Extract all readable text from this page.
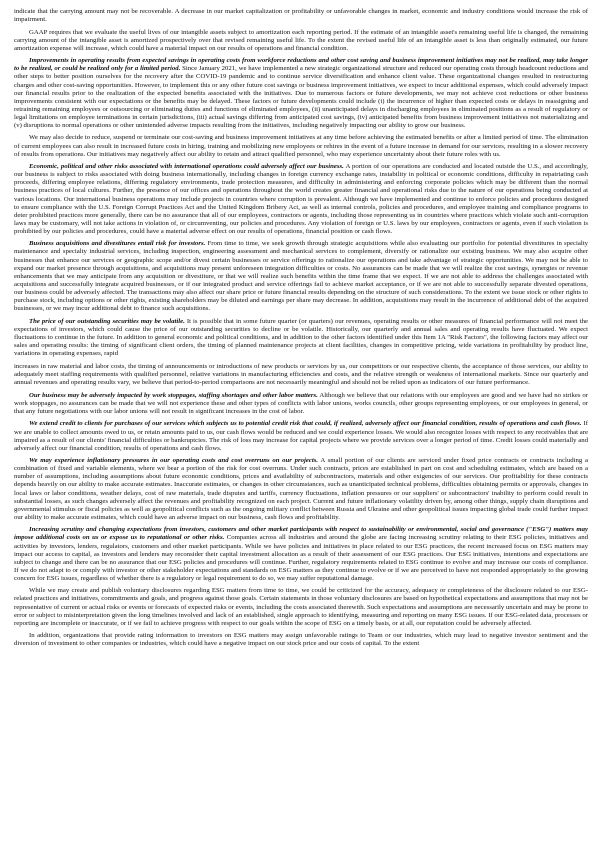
indicate that the carrying amount may not be recoverable. A decrease in our market capitalization or profitability or unfavorable changes in market, economic and industry conditions would increase the risk of impairment.

GAAP requires that we evaluate the useful lives of our intangible assets subject to amortization each reporting period. If the estimate of an intangible asset's remaining useful life is changed, the remaining carrying amount of the intangible asset is amortized prospectively over that revised remaining useful life. To the extent the revised useful life of an intangible asset is less than originally estimated, our future amortization expense will increase, which could have a material impact on our results of operations and financial condition.

Improvements in operating results from expected savings in operating costs from workforce reductions and other cost saving and business improvement initiatives may not be realized, may take longer to be realized, or could be realized only for a limited period. Since January 2021, we have implemented a new strategic organizational structure and reduced our operating costs through headcount reductions and other steps to better position ourselves for the recovery after the COVID-19 pandemic and to continue service diversification and enhance client value. These organizational changes resulted in restructuring charges and other cost-saving opportunities. However, to implement this or any other future cost savings or business improvement initiatives, we expect to incur additional expenses, which could adversely impact our financial results prior to the realization of the expected benefits associated with the initiatives. Due to numerous factors or future developments, we may not achieve cost reductions or other business improvements consistent with our expectations or the benefits may be delayed. These factors or future developments could include (i) the incurrence of higher than expected costs or delays in reassigning and retraining remaining employees or outsourcing or eliminating duties and functions of eliminated employees, (ii) unanticipated delays in discharging employees in eliminated positions as a result of regulatory or legal limitations on employee terminations in certain jurisdictions, (iii) actual savings differing from anticipated cost savings, (iv) anticipated benefits from business improvement initiatives not materializing and (v) disruptions to normal operations or other unintended adverse impacts resulting from the initiatives, including negatively impacting our ability to grow our business.

We may also decide to reduce, suspend or terminate our cost-saving and business improvement initiatives at any time before achieving the estimated benefits or after a limited period of time. The elimination of current employees can also result in increased future costs in hiring, training and mobilizing new employees or rehires in the event of a future increase in demand for our services, resulting in a slower recovery of results from operations. Our initiatives may negatively affect our ability to retain and attract qualified personnel, who may experience uncertainty about their future roles with us.

Economic, political and other risks associated with international operations could adversely affect our business. A portion of our operations are conducted and located outside the U.S., and accordingly, our business is subject to risks associated with doing business internationally, including changes in foreign currency exchange rates, instability in political or economic conditions, difficulty in repatriating cash proceeds, differing employee relations, differing regulatory environments, trade protection measures, and difficulty in administering and enforcing corporate policies which may be different than the normal business practices of local cultures. Further, the presence of our offices and operations throughout the world creates greater financial and operational risks due to the nature of our operations being conducted at various locations. Our international business operations may include projects in countries where corruption is prevalent. Although we have implemented and continue to enforce policies and procedures designed to ensure compliance with the U.S. Foreign Corrupt Practices Act and the United Kingdom Bribery Act, as well as internal controls, policies and procedures, and employee training and compliance programs to deter prohibited practices more generally, there can be no assurance that all of our employees, contractors or agents, including those representing us in countries where practices which violate such anti-corruption laws may be customary, will not take actions in violation of, or circumventing, our policies and procedures. Any violation of foreign or U.S. laws by our employees, contractors or agents, even if such violation is prohibited by our policies and procedures, could have a material adverse effect on our results of operations, financial position or cash flows.

Business acquisitions and divestitures entail risk for investors. From time to time, we seek growth through strategic acquisitions while also evaluating our portfolio for potential divestitures in specialty maintenance and specialty industrial services, including inspection, engineering assessment and mechanical services to complement, diversify or rationalize our existing business. We may also acquire other businesses that enhance our services or geographic scope and/or divest certain businesses or service offerings to rationalize our operations and take advantage of strategic opportunities. We may not be able to expand our market presence through acquisitions, and acquisitions may present unforeseen integration difficulties or costs. No assurances can be made that we will realize the cost savings, synergies or revenue enhancements that we may anticipate from any acquisition or divestiture, or that we will realize such benefits within the time frame that we expect. If we are not able to address the challenges associated with acquisitions and successfully integrate acquired businesses, or if our integrated product and service offerings fail to achieve market acceptance, or if we are not able to successfully separate divested operations, our business could be adversely affected. The transactions may also affect our share price or future financial results depending on the structure of such considerations. To the extent we issue stock or other rights to purchase stock, including options or other rights, existing shareholders may be diluted and earnings per share may decrease. In addition, acquisitions may result in the incurrence of additional debt of the acquired businesses, or we may incur additional debt to finance such acquisitions.

The price of our outstanding securities may be volatile. It is possible that in some future quarter (or quarters) our revenues, operating results or other measures of financial performance will not meet the expectations of investors, which could cause the price of our outstanding securities to decline or be volatile. Historically, our quarterly and annual sales and operating results have fluctuated. We expect fluctuations to continue in the future. In addition to general economic and political conditions, and in addition to the other factors identified under this Item 1A "Risk Factors", the following factors may affect our sales and operating results: the timing of significant client orders, the timing of planned maintenance projects at client facilities, changes in competitive pricing, wide variations in profitability by product line, variations in operating expenses, rapid

increases in raw material and labor costs, the timing of announcements or introductions of new products or services by us, our competitors or our respective clients, the acceptance of those services, our ability to adequately meet staffing requirements with qualified personnel, relative variations in manufacturing efficiencies and costs, and the relative strength or weakness of international markets. Since our quarterly and annual revenues and operating results vary, we believe that period-to-period comparisons are not necessarily meaningful and should not be relied upon as indicators of our future performance.

Our business may be adversely impacted by work stoppages, staffing shortages and other labor matters. Although we believe that our relations with our employees are good and we have had no strikes or work stoppages, no assurances can be made that we will not experience these and other types of conflicts with labor unions, works councils, other groups representing employees, or our employees in general, or that any future negotiations with our labor unions will not result in significant increases in the cost of labor.

We extend credit to clients for purchases of our services which subjects us to potential credit risk that could, if realized, adversely affect our financial condition, results of operations and cash flows. If we are unable to collect amounts owed to us, or retain amounts paid to us, our cash flows would be reduced and we could experience losses. We would also recognize losses with respect to any receivables that are impaired as a result of our clients' financial difficulties or bankruptcies. The risk of loss may increase for capital projects where we provide services over a longer period of time. Credit losses could materially and adversely affect our financial condition, results of operations and cash flows.

We may experience inflationary pressures in our operating costs and cost overruns on our projects. A small portion of our clients are serviced under fixed price contracts or contracts including a combination of fixed and variable elements, where we bear a portion of the risk for cost overruns. Under such contracts, prices are established in part on cost and scheduling estimates, which are based on a number of assumptions, including assumptions about future economic conditions, prices and availability of subcontractors, materials and other exigencies of our services. Our profitability for these contracts depends heavily on our ability to make accurate estimates. Inaccurate estimates, or changes in other circumstances, such as unanticipated technical problems, difficulties obtaining permits or approvals, changes in local laws or labor conditions, weather delays, cost of raw materials, trade disputes and tariffs, currency fluctuations, inflation pressures or our suppliers' or subcontractors' inability to perform could result in substantial losses, as such changes adversely affect the revenues and profitability recognized on each project. Current and future inflationary volatility driven by, among other things, supply chain disruptions and governmental stimulus or fiscal policies as well as geopolitical conflicts such as the ongoing military conflict between Russia and Ukraine and other geopolitical issues impacting global trade could further impact our ability to make accurate estimates, which could have an adverse impact on our business, cash flows and profitability.

Increasing scrutiny and changing expectations from investors, customers and other market participants with respect to sustainability or environmental, social and governance ("ESG") matters may impose additional costs on us or expose us to reputational or other risks. Companies across all industries and around the globe are facing increasing scrutiny relating to their ESG policies, initiatives and activities by investors, lenders, regulators, customers and other market participants. While we have policies and initiatives in place related to our ESG practices, the recent increased focus on ESG matters may impact our access to capital, as investors and lenders may reconsider their capital investment allocation as a result of their assessment of our ESG practices. Our ESG initiatives, intentions and expectations are subject to change and there can be no assurance that our ESG policies and procedures will continue. Further, regulatory requirements related to ESG continue to evolve and may increase our costs of compliance. If we do not adapt to or comply with investor or other stakeholder expectations and standards on ESG matters as they continue to evolve or if we are perceived to have not responded appropriately to the growing concern for ESG issues, regardless of whether there is a regulatory or legal requirement to do so, we may suffer reputational damage.

While we may create and publish voluntary disclosures regarding ESG matters from time to time, we could be criticized for the accuracy, adequacy or completeness of the disclosure related to our ESG-related practices and initiatives, commitments and goals, and progress against those goals. Certain statements in those voluntary disclosures are based on hypothetical expectations and assumptions that may not be representative of current or actual risks or events or forecasts of expected risks or events, including the costs associated therewith. Such expectations and assumptions are necessarily uncertain and may be prone to error or subject to misinterpretation given the long timelines involved and lack of an established, single approach to identifying, measuring and reporting on many ESG issues. If our ESG-related data, processes or reporting are incomplete or inaccurate, or if we fail to achieve progress with respect to our goals within the scope of ESG on a timely basis, or at all, our reputation could be adversely affected.

In addition, organizations that provide rating information to investors on ESG matters may assign unfavorable ratings to Team or our industries, which may lead to negative investor sentiment and the diversion of investment to other companies or industries, which could have a negative impact on our stock price and our costs of capital. To the extent
